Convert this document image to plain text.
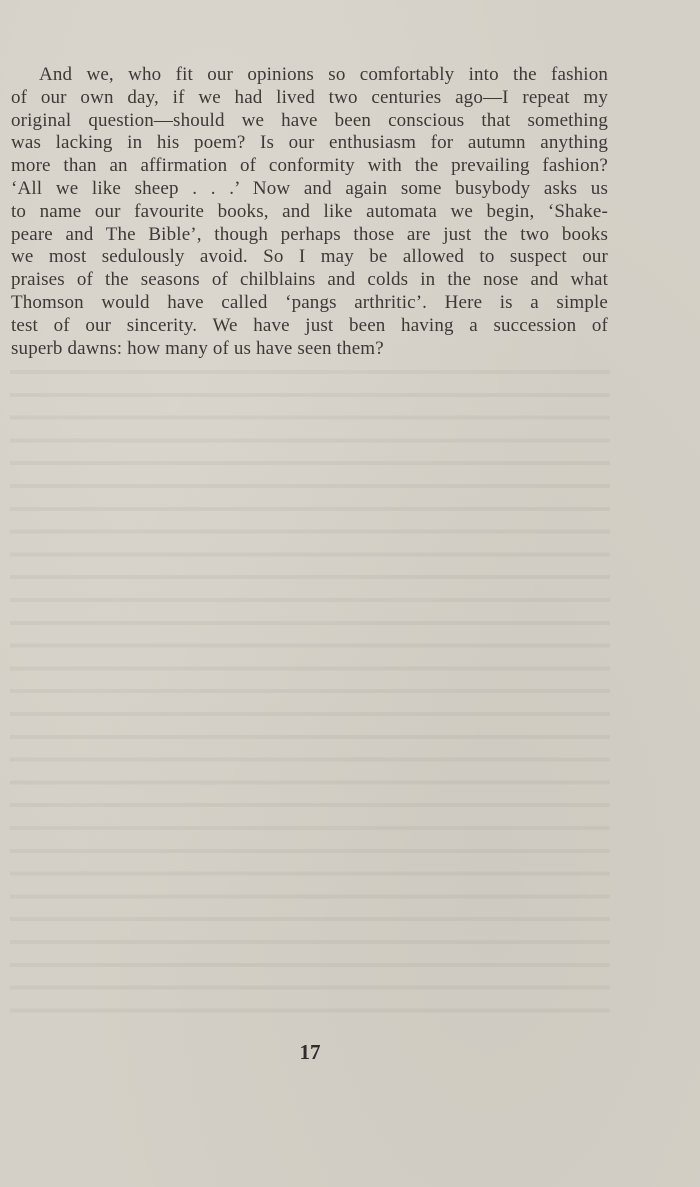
And we, who fit our opinions so comfortably into the fashion
of our own day, if we had lived two centuries ago—I repeat my
original question—should we have been conscious that something
was lacking in his poem? Is our enthusiasm for autumn anything
more than an affirmation of conformity with the prevailing fashion?
‘All we like sheep . . .’ Now and again some busybody asks us
to name our favourite books, and like automata we begin, ‘Shake-
peare and The Bible’, though perhaps those are just the two books
we most sedulously avoid. So I may be allowed to suspect our
praises of the seasons of chilblains and colds in the nose and what
Thomson would have called ‘pangs arthritic’. Here is a simple
test of our sincerity. We have just been having a succession of
superb dawns: how many of us have seen them?

17
